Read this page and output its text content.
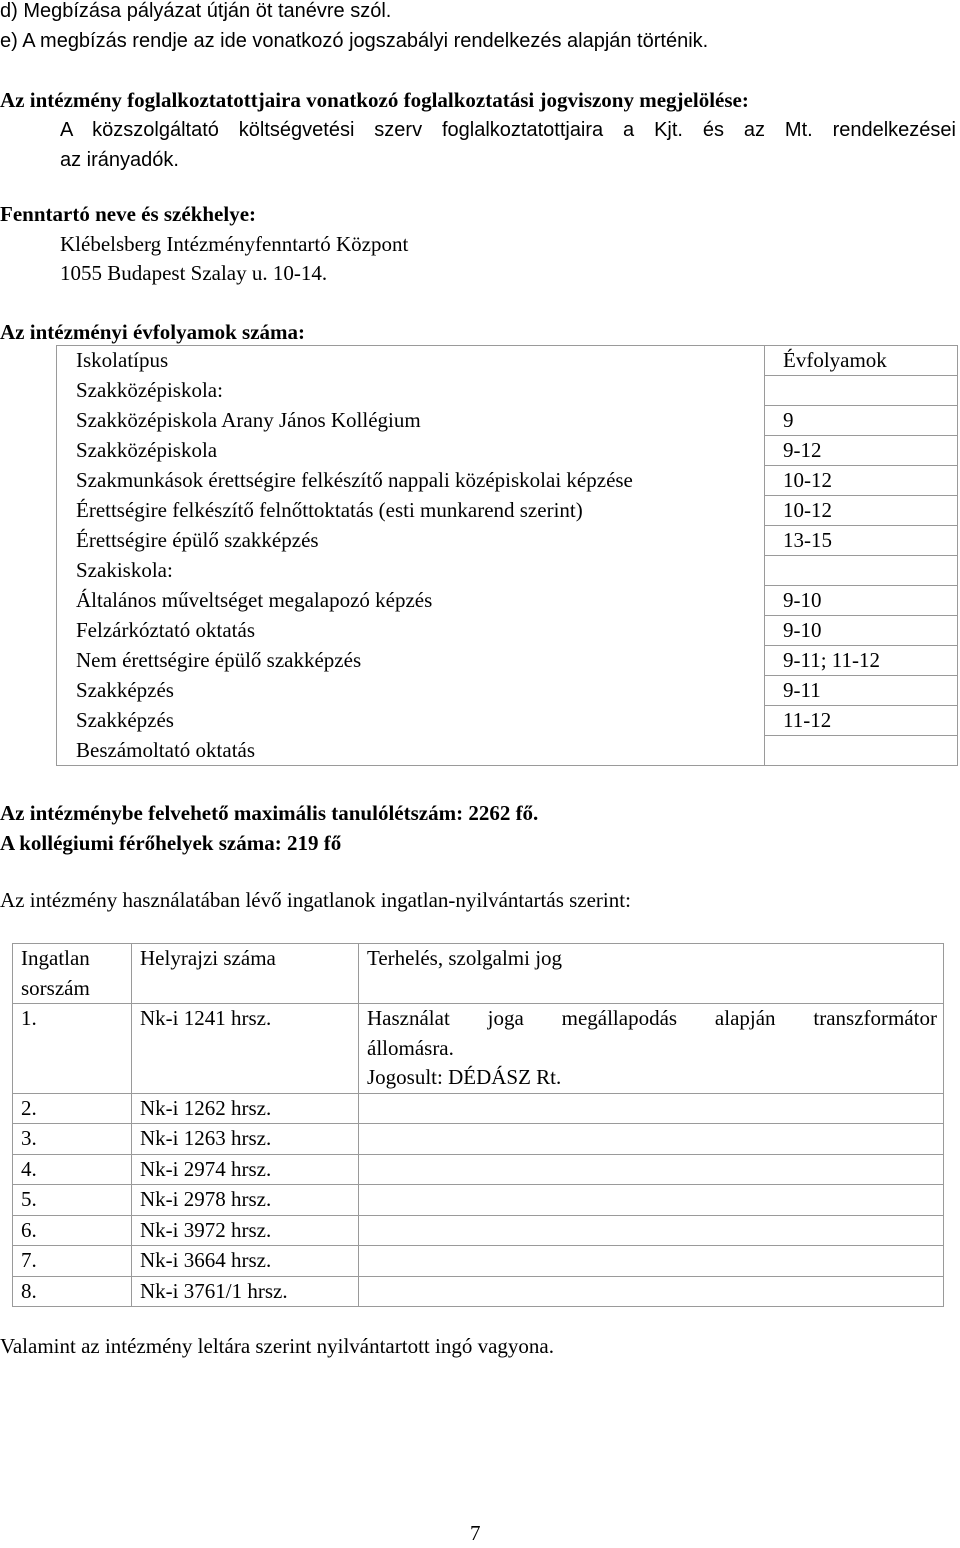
d) Megbízása pályázat útján öt tanévre szól.
e) A megbízás rendje az ide vonatkozó jogszabályi rendelkezés alapján történik.
Az intézmény foglalkoztatottjaira vonatkozó foglalkoztatási jogviszony megjelölése:
A közszolgáltató költségvetési szerv foglalkoztatottjaira a Kjt. és az Mt. rendelkezései
az irányadók.
Fenntartó neve és székhelye:
Klébelsberg Intézményfenntartó Központ
1055 Budapest Szalay u. 10-14.
Az intézményi évfolyamok száma:
Iskolatípus	Évfolyamok
Szakközépiskola:	
Szakközépiskola Arany János Kollégium	9
Szakközépiskola	9-12
Szakmunkások érettségire felkészítő nappali középiskolai képzése	10-12
Érettségire felkészítő felnőttoktatás (esti munkarend szerint)	10-12
Érettségire épülő szakképzés	13-15
Szakiskola:	
Általános műveltséget megalapozó képzés	9-10
Felzárkóztató oktatás	9-10
Nem érettségire épülő szakképzés	9-11; 11-12
Szakképzés	9-11
Szakképzés	11-12
Beszámoltató oktatás	
Az intézménybe felvehető maximális tanulólétszám: 2262 fő.
A kollégiumi férőhelyek száma: 219 fő
Az intézmény használatában lévő ingatlanok ingatlan-nyilvántartás szerint:
Ingatlan sorszám	Helyrajzi száma	Terhelés, szolgalmi jog
1.	Nk-i 1241 hrsz.	Használat joga megállapodás alapján transzformátor
állomásra.
Jogosult: DÉDÁSZ Rt.

2.	Nk-i 1262 hrsz.	
3.	Nk-i 1263 hrsz.	
4.	Nk-i 2974 hrsz.	
5.	Nk-i 2978 hrsz.	
6.	Nk-i 3972 hrsz.	
7.	Nk-i 3664 hrsz.	
8.	Nk-i 3761/1 hrsz.	
Valamint az intézmény leltára szerint nyilvántartott ingó vagyona.
7
